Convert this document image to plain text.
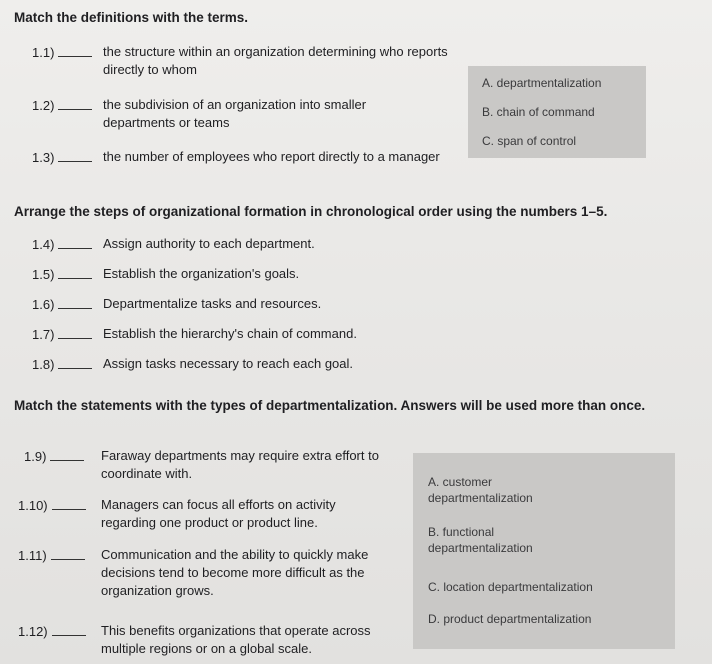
Match the definitions with the terms.
A. departmentalization
B. chain of command
C. span of control
1.1)	the structure within an organization determining who reports directly to whom
1.2)	the subdivision of an organization into smaller departments or teams
1.3)	the number of employees who report directly to a manager
Arrange the steps of organizational formation in chronological order using the numbers 1–5.
1.4)	Assign authority to each department.
1.5)	Establish the organization's goals.
1.6)	Departmentalize tasks and resources.
1.7)	Establish the hierarchy's chain of command.
1.8)	Assign tasks necessary to reach each goal.
Match the statements with the types of departmentalization. Answers will be used more than once.
A. customer departmentalization
B. functional departmentalization
C. location departmentalization
D. product departmentalization
1.9)	Faraway departments may require extra effort to coordinate with.
1.10)	Managers can focus all efforts on activity regarding one product or product line.
1.11)	Communication and the ability to quickly make decisions tend to become more difficult as the organization grows.
1.12)	This benefits organizations that operate across multiple regions or on a global scale.
